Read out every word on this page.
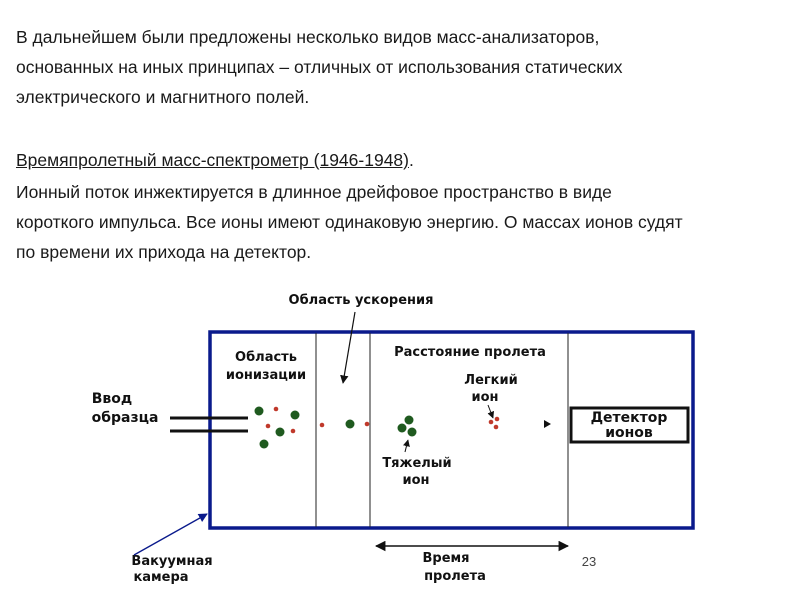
В дальнейшем были предложены несколько видов масс-анализаторов,
основанных на иных принципах – отличных от использования статических
электрического и магнитного полей.
Времяпролетный масс-спектрометр (1946-1948).
Ионный поток инжектируется в длинное дрейфовое пространство в виде
короткого импульса. Все ионы имеют одинаковую энергию. О массах ионов судят
по времени их прихода на детектор.
Детектор
ионов
Область ускорения
Область
ионизации
Расстояние пролета
Ввод
образца
Легкий
ион
Тяжелый
ион
Вакуумная
камера
Время
пролета
23
